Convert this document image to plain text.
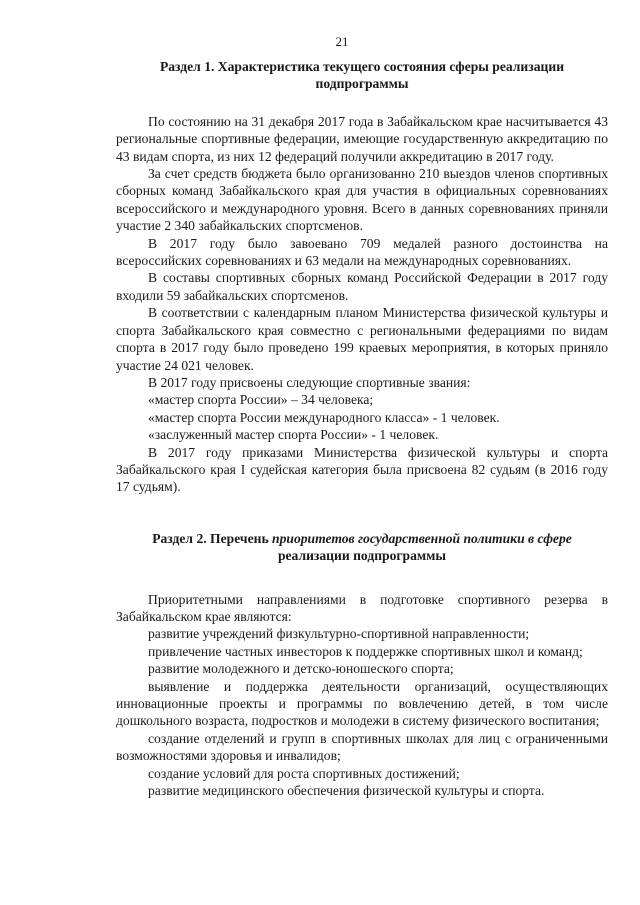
21

Раздел 1. Характеристика текущего состояния сферы реализации подпрограммы

По состоянию на 31 декабря 2017 года в Забайкальском крае насчитывается 43 региональные спортивные федерации, имеющие государственную аккредитацию по 43 видам спорта, из них 12 федераций получили аккредитацию в 2017 году.

За счет средств бюджета было организованно 210 выездов членов спортивных сборных команд Забайкальского края для участия в официальных соревнованиях всероссийского и международного уровня. Всего в данных соревнованиях приняли участие 2 340 забайкальских спортсменов.

В 2017 году было завоевано 709 медалей разного достоинства на всероссийских соревнованиях и 63 медали на международных соревнованиях.

В составы спортивных сборных команд Российской Федерации в 2017 году входили 59 забайкальских спортсменов.

В соответствии с календарным планом Министерства физической культуры и спорта Забайкальского края совместно с региональными федерациями по видам спорта в 2017 году было проведено 199 краевых мероприятия, в которых приняло участие 24 021 человек.

В 2017 году присвоены следующие спортивные звания:

«мастер спорта России» – 34 человека;

«мастер спорта России международного класса» - 1 человек.

«заслуженный мастер спорта России» - 1 человек.

В 2017 году приказами Министерства физической культуры и спорта Забайкальского края I судейская категория была присвоена 82 судьям (в 2016 году 17 судьям).

Раздел 2. Перечень приоритетов государственной политики в сфере реализации подпрограммы

Приоритетными направлениями в подготовке спортивного резерва в Забайкальском крае являются:

развитие учреждений физкультурно-спортивной направленности;

привлечение частных инвесторов к поддержке спортивных школ и команд;

развитие молодежного и детско-юношеского спорта;

выявление и поддержка деятельности организаций, осуществляющих инновационные проекты и программы по вовлечению детей, в том числе дошкольного возраста, подростков и молодежи в систему физического воспитания;

создание отделений и групп в спортивных школах для лиц с ограниченными возможностями здоровья и инвалидов;

создание условий для роста спортивных достижений;

развитие медицинского обеспечения физической культуры и спорта.
